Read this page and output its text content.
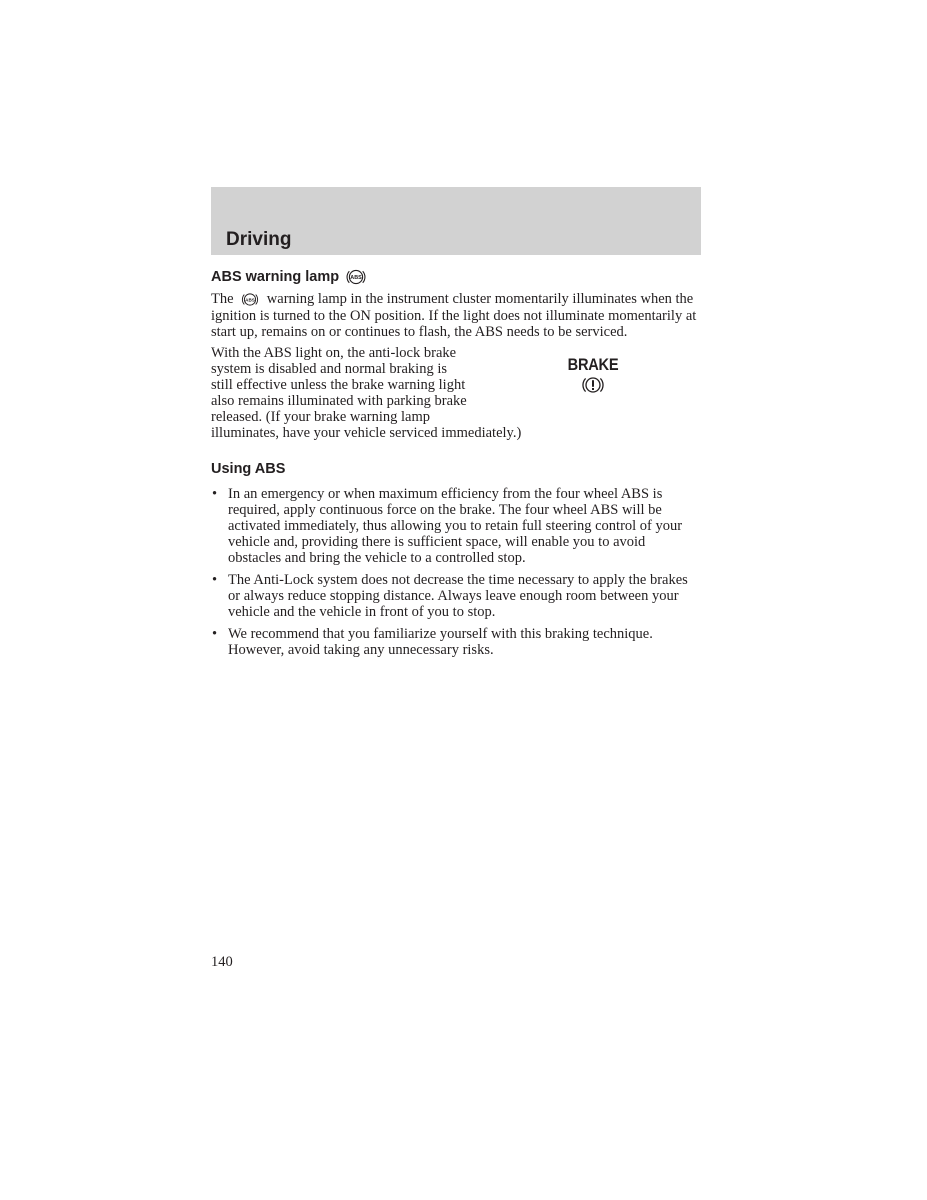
Driving
ABS warning lamp ABS

The ABS warning lamp in the instrument cluster momentarily illuminates when the ignition is turned to the ON position. If the light does not illuminate momentarily at start up, remains on or continues to flash, the ABS needs to be serviced.

BRAKE

With the ABS light on, the anti-lock brake system is disabled and normal braking is still effective unless the brake warning light also remains illuminated with parking brake released. (If your brake warning lamp illuminates, have your vehicle serviced immediately.)

Using ABS
• In an emergency or when maximum efficiency from the four wheel ABS is required, apply continuous force on the brake. The four wheel ABS will be activated immediately, thus allowing you to retain full steering control of your vehicle and, providing there is sufficient space, will enable you to avoid obstacles and bring the vehicle to a controlled stop.
• The Anti-Lock system does not decrease the time necessary to apply the brakes or always reduce stopping distance. Always leave enough room between your vehicle and the vehicle in front of you to stop.
• We recommend that you familiarize yourself with this braking technique. However, avoid taking any unnecessary risks.
140
